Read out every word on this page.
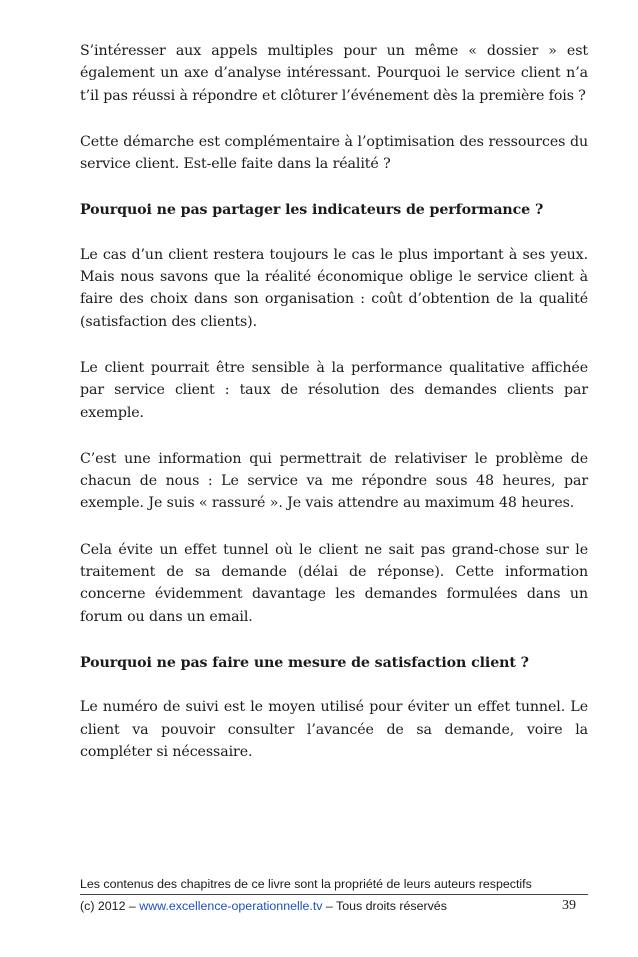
S’intéresser aux appels multiples pour un même « dossier » est également un axe d’analyse intéressant. Pourquoi le service client n’a t’il pas réussi à répondre et clôturer l’événement dès la première fois ?

Cette démarche est complémentaire à l’optimisation des ressources du service client. Est-elle faite dans la réalité ?

Pourquoi ne pas partager les indicateurs de performance ?

Le cas d’un client restera toujours le cas le plus important à ses yeux. Mais nous savons que la réalité économique oblige le service client à faire des choix dans son organisation : coût d’obtention de la qualité (satisfaction des clients).

Le client pourrait être sensible à la performance qualitative affichée par service client : taux de résolution des demandes clients par exemple.

C’est une information qui permettrait de relativiser le problème de chacun de nous : Le service va me répondre sous 48 heures, par exemple. Je suis « rassuré ». Je vais attendre au maximum 48 heures.

Cela évite un effet tunnel où le client ne sait pas grand-chose sur le traitement de sa demande (délai de réponse). Cette information concerne évidemment davantage les demandes formulées dans un forum ou dans un email.

Pourquoi ne pas faire une mesure de satisfaction client ?

Le numéro de suivi est le moyen utilisé pour éviter un effet tunnel. Le client va pouvoir consulter l’avancée de sa demande, voire la compléter si nécessaire.

Les contenus des chapitres de ce livre sont la propriété de leurs auteurs respectifs
(c) 2012 – www.excellence-operationnelle.tv – Tous droits réservés	39
